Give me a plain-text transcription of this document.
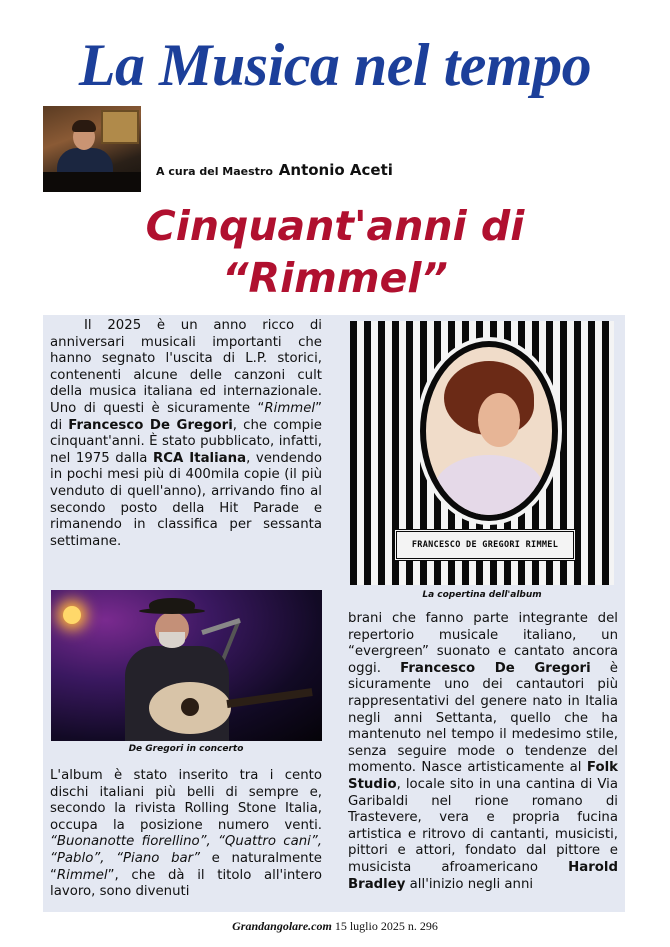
La Musica nel tempo
A cura del Maestro Antonio Aceti
Cinquant'anni di
“Rimmel”
Il 2025 è un anno ricco di anniversari musicali importanti che hanno segnato l'uscita di L.P. storici, contenenti alcune delle canzoni cult della musica italiana ed internazionale. Uno di questi è sicuramente “Rimmel” di Francesco De Gregori, che compie cinquant'anni. È stato pubblicato, infatti, nel 1975 dalla RCA Italiana, vendendo in pochi mesi più di 400mila copie (il più venduto di quell'anno), arrivando fino al secondo posto della Hit Parade e rimanendo in classifica per sessanta settimane.	FRANCESCO DE GREGORI RIMMEL
La copertina dell'album
De Gregori in concerto
L'album è stato inserito tra i cento dischi italiani più belli di sempre e, secondo la rivista Rolling Stone Italia, occupa la posizione numero venti. “Buonanotte fiorellino”, “Quattro cani”, “Pablo”, “Piano bar” e naturalmente “Rimmel”, che dà il titolo all'intero lavoro, sono divenuti
brani che fanno parte integrante del repertorio musicale italiano, un “evergreen” suonato e cantato ancora oggi. Francesco De Gregori è sicuramente uno dei cantautori più rappresentativi del genere nato in Italia negli anni Settanta, quello che ha mantenuto nel tempo il medesimo stile, senza seguire mode o tendenze del momento. Nasce artisticamente al Folk Studio, locale sito in una cantina di Via Garibaldi nel rione romano di Trastevere, vera e propria fucina artistica e ritrovo di cantanti, musicisti, pittori e attori, fondato dal pittore e musicista afroamericano Harold Bradley all'inizio negli anni
Grandangolare.com 15 luglio 2025 n. 296
